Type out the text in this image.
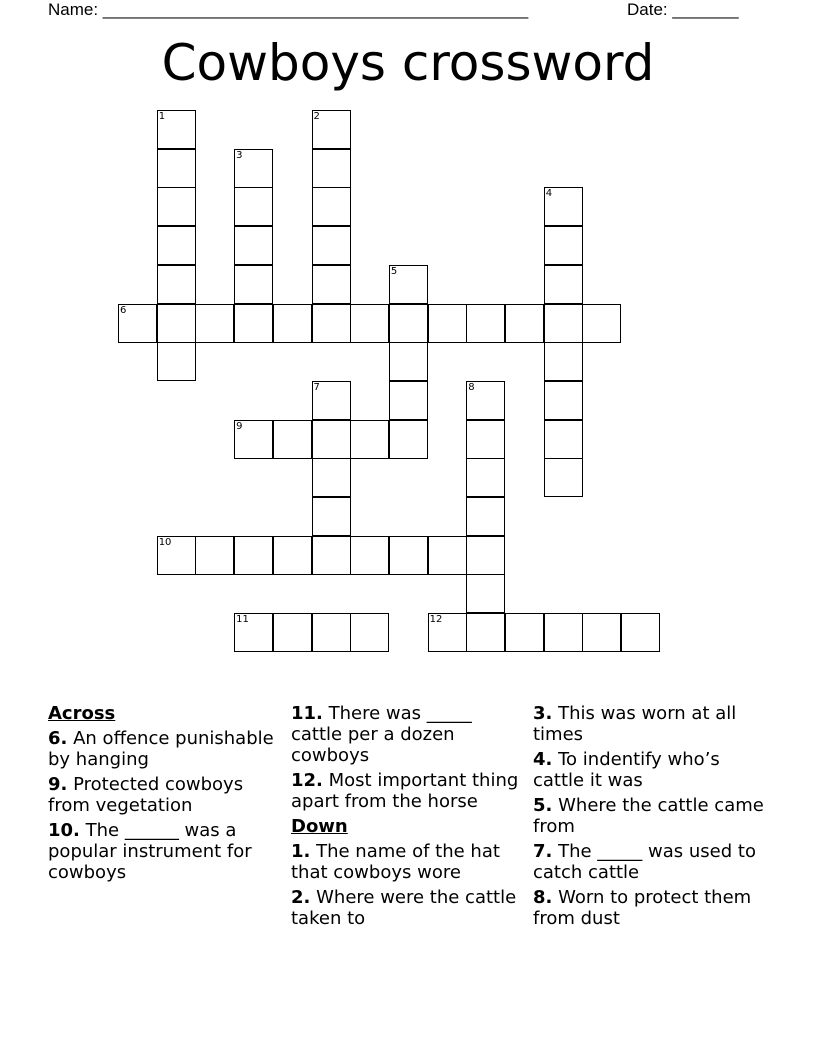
Name: _____________________________________________	Date: _______
Cowboys crossword
1	2
3
4
5
6
7	8
9
10
11	12
Across
6. An offence punishable by hanging
9. Protected cowboys from vegetation
10. The ______ was a popular instrument for cowboys
11. There was _____ cattle per a dozen cowboys
12. Most important thing apart from the horse
Down
1. The name of the hat that cowboys wore
2. Where were the cattle taken to
3. This was worn at all times
4. To indentify who’s cattle it was
5. Where the cattle came from
7. The _____ was used to catch cattle
8. Worn to protect them from dust
